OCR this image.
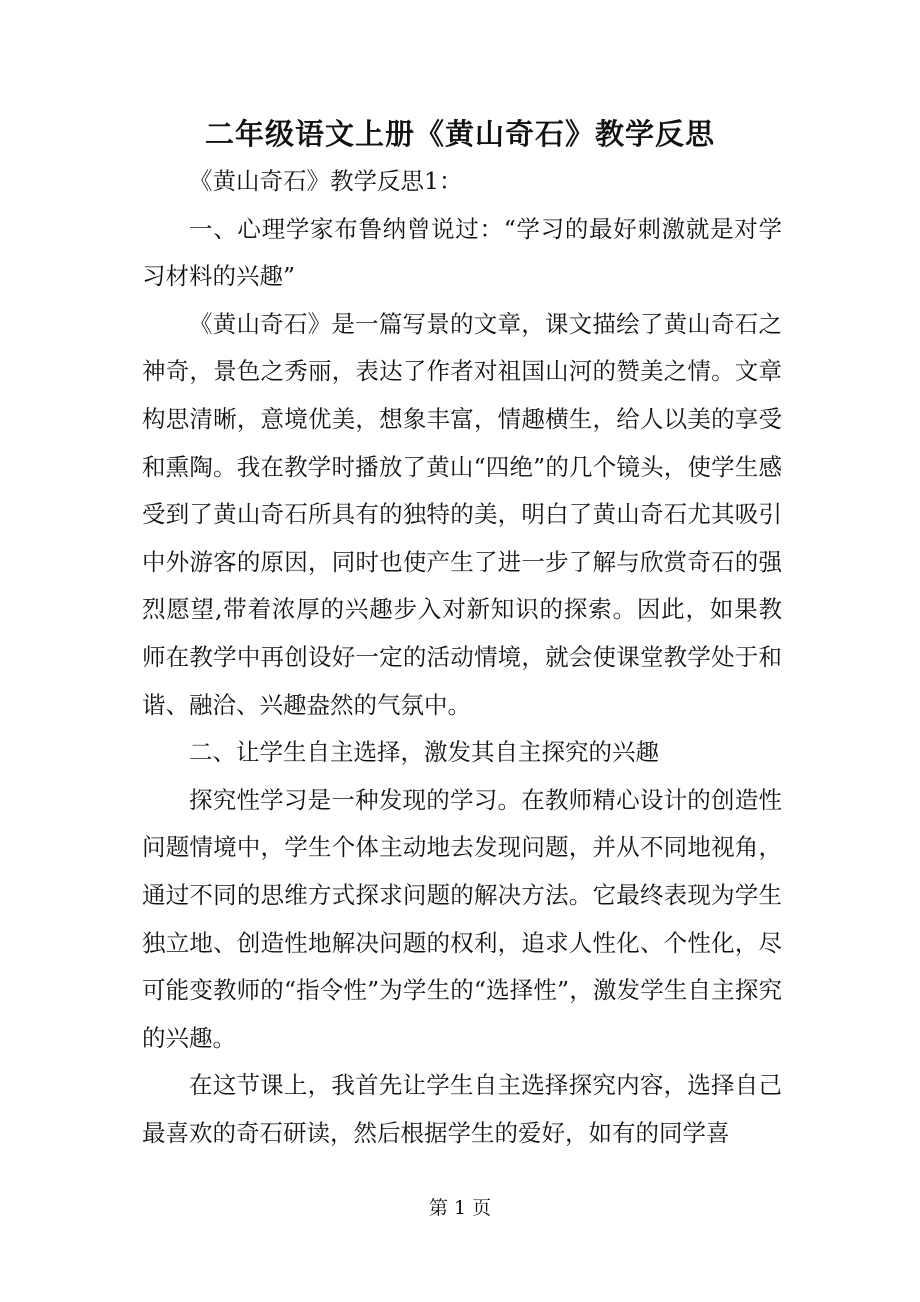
二年级语文上册《黄山奇石》教学反思

《黄山奇石》教学反思1：

一、心理学家布鲁纳曾说过：“学习的最好刺激就是对学习材料的兴趣”

《黄山奇石》是一篇写景的文章，课文描绘了黄山奇石之神奇，景色之秀丽，表达了作者对祖国山河的赞美之情。文章构思清晰，意境优美，想象丰富，情趣横生，给人以美的享受和熏陶。我在教学时播放了黄山“四绝”的几个镜头，使学生感受到了黄山奇石所具有的独特的美，明白了黄山奇石尤其吸引中外游客的原因，同时也使产生了进一步了解与欣赏奇石的强烈愿望,带着浓厚的兴趣步入对新知识的探索。因此，如果教师在教学中再创设好一定的活动情境，就会使课堂教学处于和谐、融洽、兴趣盎然的气氛中。

二、让学生自主选择，激发其自主探究的兴趣

探究性学习是一种发现的学习。在教师精心设计的创造性问题情境中，学生个体主动地去发现问题，并从不同地视角，通过不同的思维方式探求问题的解决方法。它最终表现为学生独立地、创造性地解决问题的权利，追求人性化、个性化，尽可能变教师的“指令性”为学生的“选择性”，激发学生自主探究的兴趣。

在这节课上，我首先让学生自主选择探究内容，选择自己最喜欢的奇石研读，然后根据学生的爱好，如有的同学喜

第 1 页
